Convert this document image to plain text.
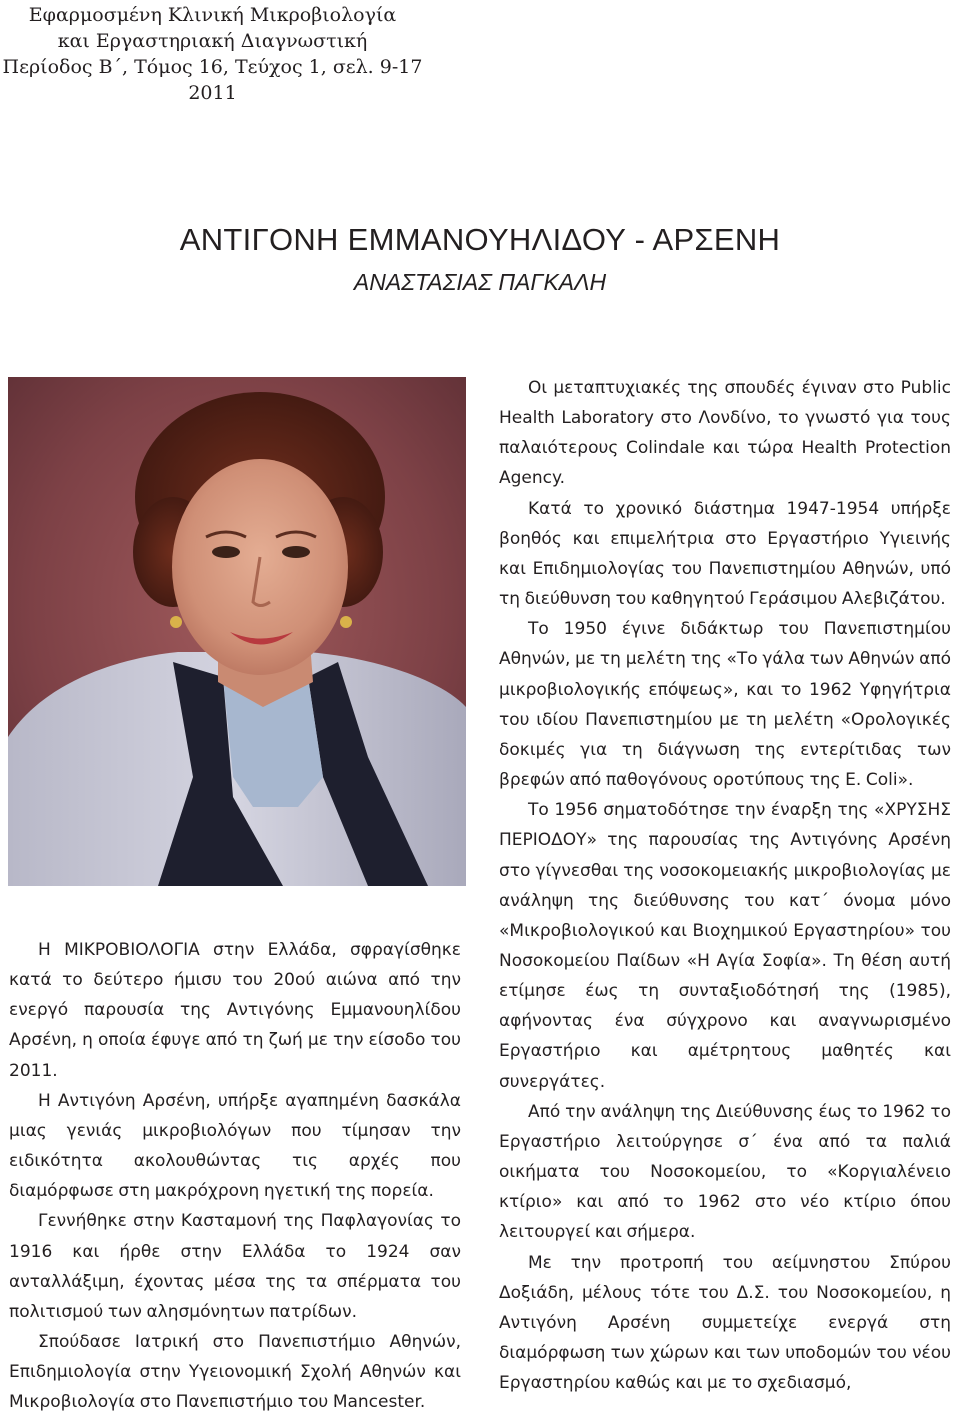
Εφαρμοσμένη Κλινική Μικροβιολογία
και Εργαστηριακή Διαγνωστική
Περίοδος Β΄, Τόμος 16, Τεύχος 1, σελ. 9-17
2011
ΑΝΤΙΓΟΝΗ ΕΜΜΑΝΟΥΗΛΙΔΟΥ - ΑΡΣΕΝΗ
ΑΝΑΣΤΑΣΙΑΣ ΠΑΓΚΑΛΗ

Η ΜΙΚΡΟΒΙΟΛΟΓΙΑ στην Ελλάδα, σφραγίσθηκε κατά το δεύτερο ήμισυ του 20ού αιώνα από την ενεργό παρουσία της Αντιγόνης Εμμανουηλίδου Αρσένη, η οποία έφυγε από τη ζωή με την είσοδο του 2011.

Η Αντιγόνη Αρσένη, υπήρξε αγαπημένη δασκάλα μιας γενιάς μικροβιολόγων που τίμησαν την ειδικότητα ακολουθώντας τις αρχές που διαμόρφωσε στη μακρόχρονη ηγετική της πορεία.

Γεννήθηκε στην Κασταμονή της Παφλαγονίας το 1916 και ήρθε στην Ελλάδα το 1924 σαν ανταλλάξιμη, έχοντας μέσα της τα σπέρματα του πολιτισμού των αλησμόνητων πατρίδων.

Σπούδασε Ιατρική στο Πανεπιστήμιο Αθηνών, Επιδημιολογία στην Υγειονομική Σχολή Αθηνών και Μικροβιολογία στο Πανεπιστήμιο του Mancester.

Οι μεταπτυχιακές της σπουδές έγιναν στο Public Health Laboratory στο Λονδίνο, το γνωστό για τους παλαιότερους Colindale και τώρα Health Protection Agency.

Κατά το χρονικό διάστημα 1947-1954 υπήρξε βοηθός και επιμελήτρια στο Εργαστήριο Υγιεινής και Επιδημιολογίας του Πανεπιστημίου Αθηνών, υπό τη διεύθυνση του καθηγητού Γεράσιμου Αλεβιζάτου.

Το 1950 έγινε διδάκτωρ του Πανεπιστημίου Αθηνών, με τη μελέτη της «Το γάλα των Αθηνών από μικροβιολογικής επόψεως», και το 1962 Υφηγήτρια του ιδίου Πανεπιστημίου με τη μελέτη «Ορολογικές δοκιμές για τη διάγνωση της εντερίτιδας των βρεφών από παθογόνους οροτύπους της E. Coli».

Το 1956 σηματοδότησε την έναρξη της «ΧΡΥΣΗΣ ΠΕΡΙΟΔΟΥ» της παρουσίας της Αντιγόνης Αρσένη στο γίγνεσθαι της νοσοκομειακής μικροβιολογίας με ανάληψη της διεύθυνσης του κατ΄ όνομα μόνο «Μικροβιολογικού και Βιοχημικού Εργαστηρίου» του Νοσοκομείου Παίδων «Η Αγία Σοφία». Τη θέση αυτή ετίμησε έως τη συνταξιοδότησή της (1985), αφήνοντας ένα σύγχρονο και αναγνωρισμένο Εργαστήριο και αμέτρητους μαθητές και συνεργάτες.

Από την ανάληψη της Διεύθυνσης έως το 1962 το Εργαστήριο λειτούργησε σ΄ ένα από τα παλιά οικήματα του Νοσοκομείου, το «Κοργιαλένειο κτίριο» και από το 1962 στο νέο κτίριο όπου λειτουργεί και σήμερα.

Με την προτροπή του αείμνηστου Σπύρου Δοξιάδη, μέλους τότε του Δ.Σ. του Νοσοκομείου, η Αντιγόνη Αρσένη συμμετείχε ενεργά στη διαμόρφωση των χώρων και των υποδομών του νέου Εργαστηρίου καθώς και με το σχεδιασμό,
